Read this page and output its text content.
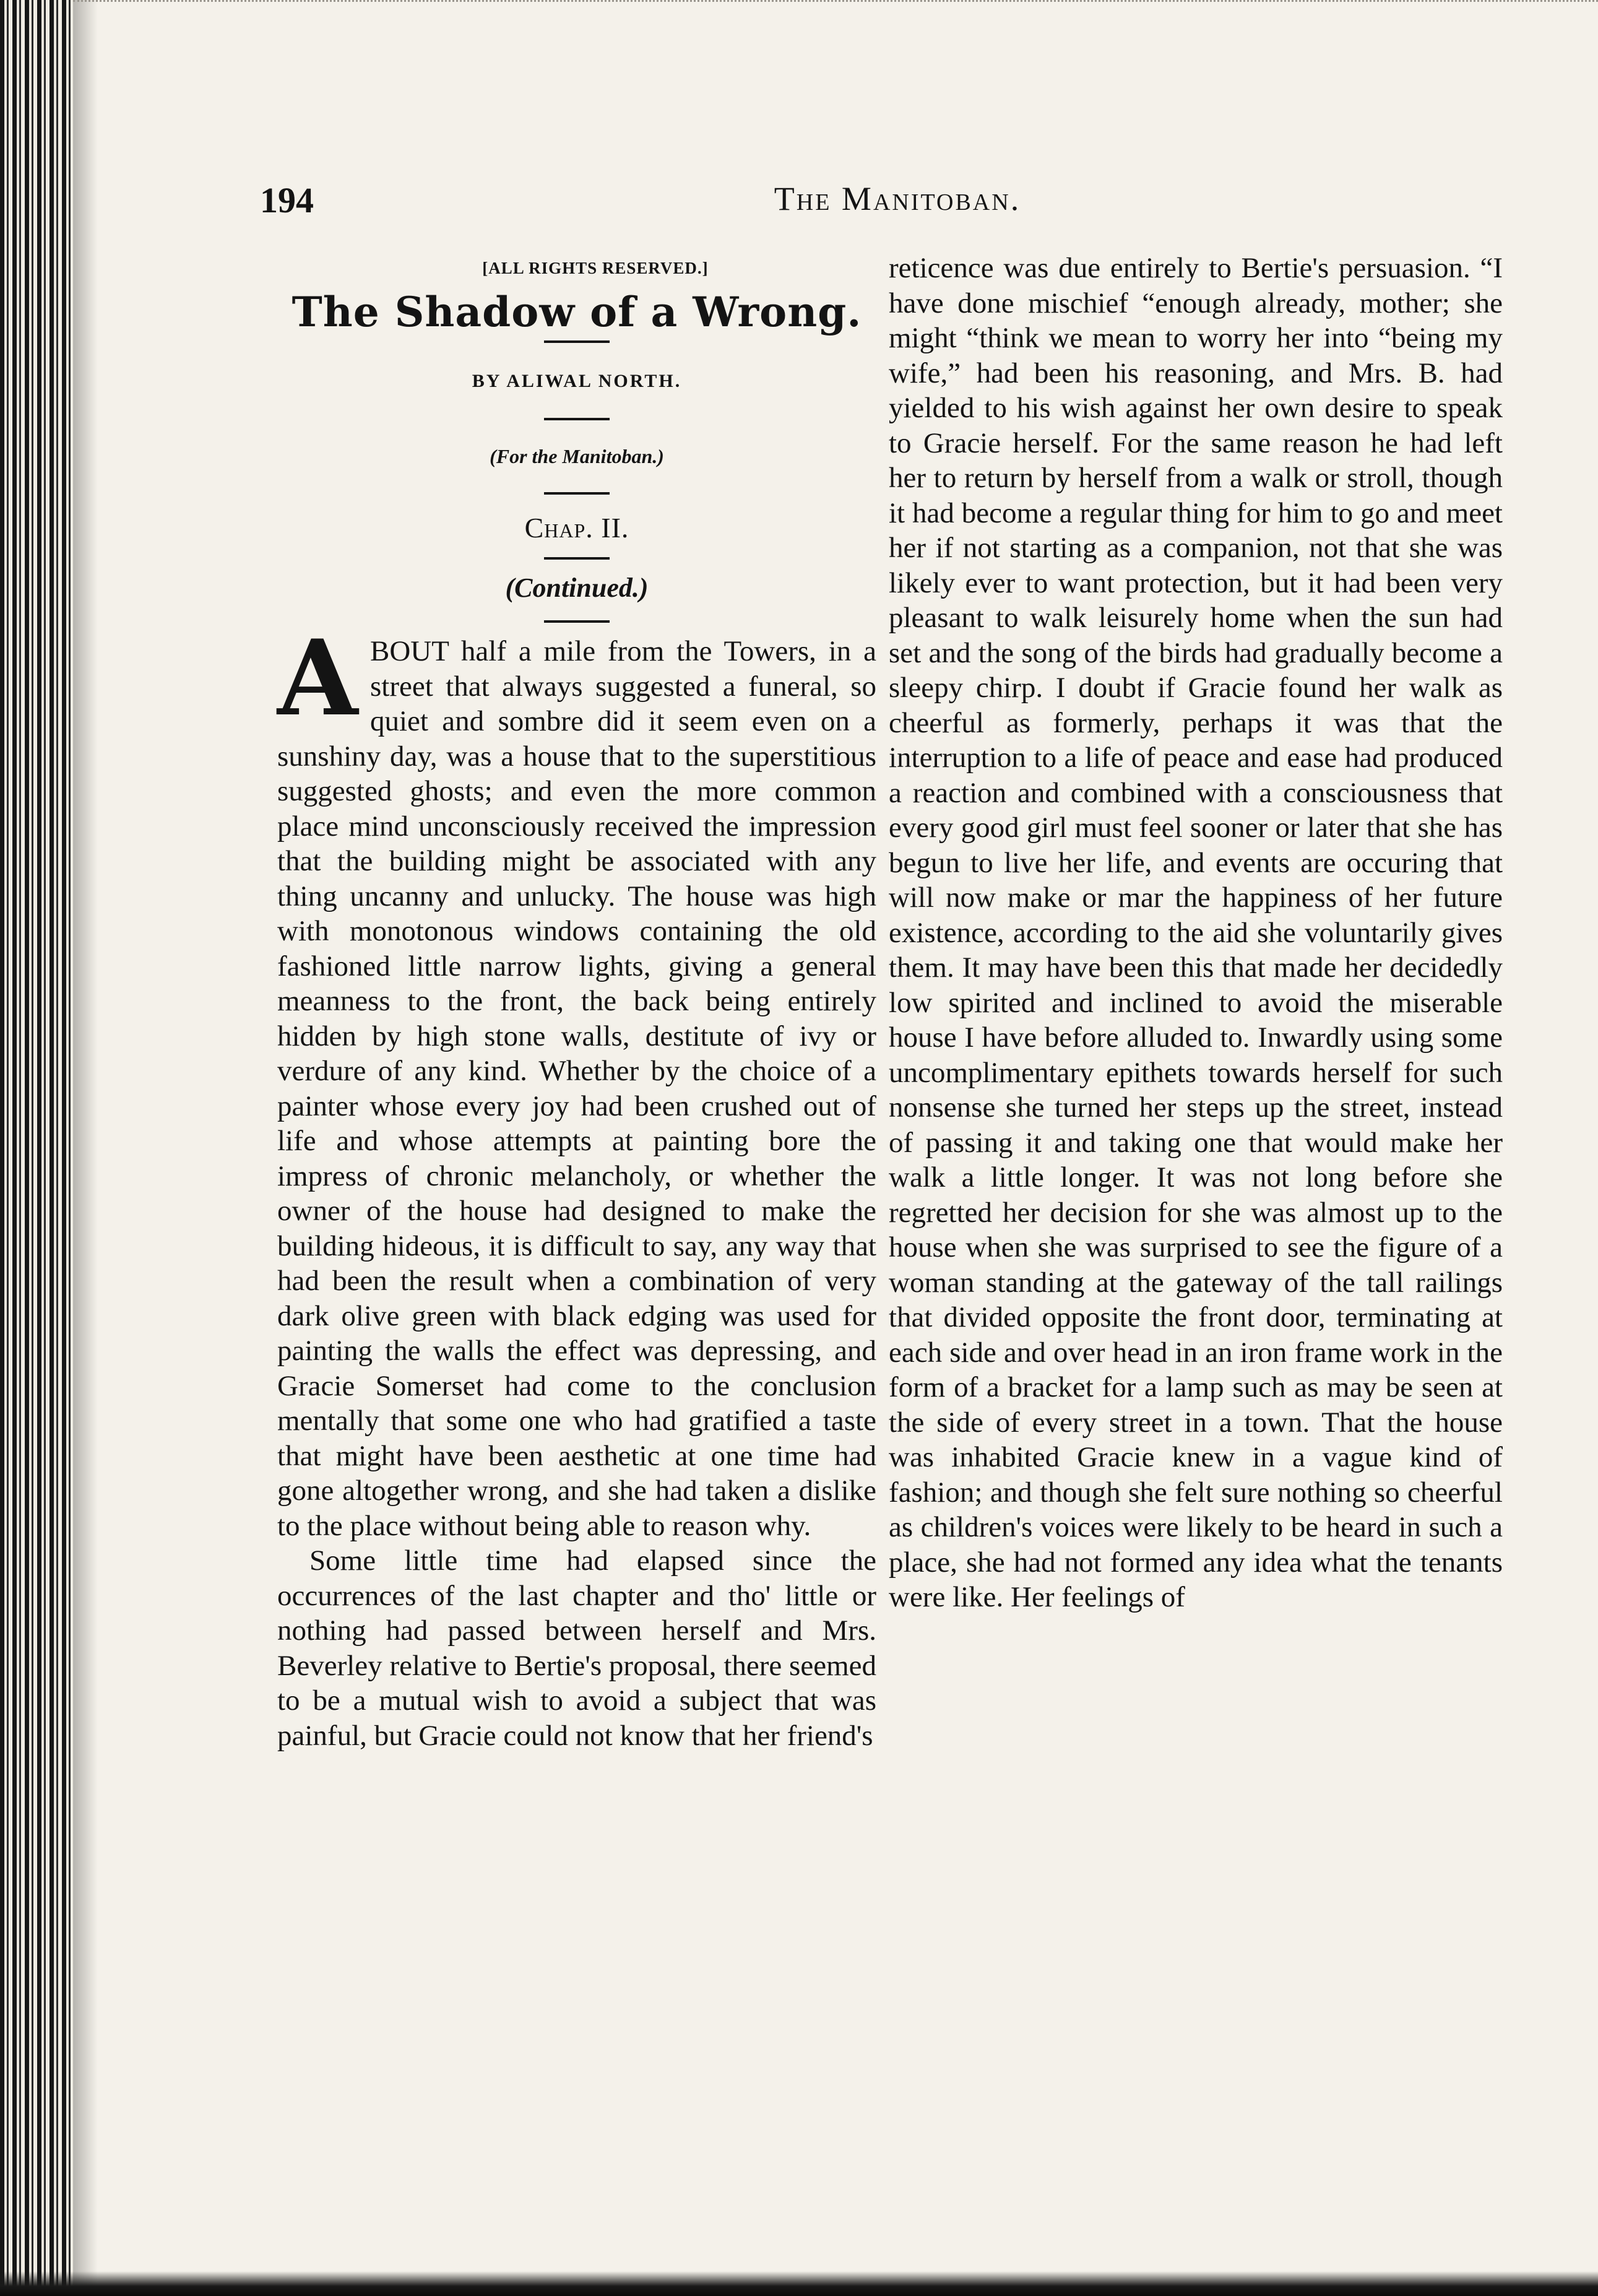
194	The Manitoban.

[ALL RIGHTS RESERVED.]

The Shadow of a Wrong.

BY ALIWAL NORTH.

(For the Manitoban.)

Chap. II.

(Continued.)

A BOUT half a mile from the Towers, in a street that always suggested a funeral, so quiet and sombre did it seem even on a sunshiny day, was a house that to the superstitious suggested ghosts; and even the more common place mind unconsciously received the impression that the building might be associated with any thing uncanny and unlucky. The house was high with monotonous windows containing the old fashioned little narrow lights, giving a general meanness to the front, the back being entirely hidden by high stone walls, destitute of ivy or verdure of any kind. Whether by the choice of a painter whose every joy had been crushed out of life and whose attempts at painting bore the impress of chronic melancholy, or whether the owner of the house had designed to make the building hideous, it is difficult to say, any way that had been the result when a combination of very dark olive green with black edging was used for painting the walls the effect was depressing, and Gracie Somerset had come to the conclusion mentally that some one who had gratified a taste that might have been aesthetic at one time had gone altogether wrong, and she had taken a dislike to the place without being able to reason why.

Some little time had elapsed since the occurrences of the last chapter and tho' little or nothing had passed between herself and Mrs. Beverley relative to Bertie's proposal, there seemed to be a mutual wish to avoid a subject that was painful, but Gracie could not know that her friend's

reticence was due entirely to Bertie's persuasion. “I have done mischief “enough already, mother; she might “think we mean to worry her into “being my wife,” had been his reasoning, and Mrs. B. had yielded to his wish against her own desire to speak to Gracie herself. For the same reason he had left her to return by herself from a walk or stroll, though it had become a regular thing for him to go and meet her if not starting as a companion, not that she was likely ever to want protection, but it had been very pleasant to walk leisurely home when the sun had set and the song of the birds had gradually become a sleepy chirp. I doubt if Gracie found her walk as cheerful as formerly, perhaps it was that the interruption to a life of peace and ease had produced a reaction and combined with a consciousness that every good girl must feel sooner or later that she has begun to live her life, and events are occuring that will now make or mar the happiness of her future existence, according to the aid she voluntarily gives them. It may have been this that made her decidedly low spirited and inclined to avoid the miserable house I have before alluded to. Inwardly using some uncomplimentary epithets towards herself for such nonsense she turned her steps up the street, instead of passing it and taking one that would make her walk a little longer. It was not long before she regretted her decision for she was almost up to the house when she was surprised to see the figure of a woman standing at the gateway of the tall railings that divided opposite the front door, terminating at each side and over head in an iron frame work in the form of a bracket for a lamp such as may be seen at the side of every street in a town. That the house was inhabited Gracie knew in a vague kind of fashion; and though she felt sure nothing so cheerful as children's voices were likely to be heard in such a place, she had not formed any idea what the tenants were like. Her feelings of
